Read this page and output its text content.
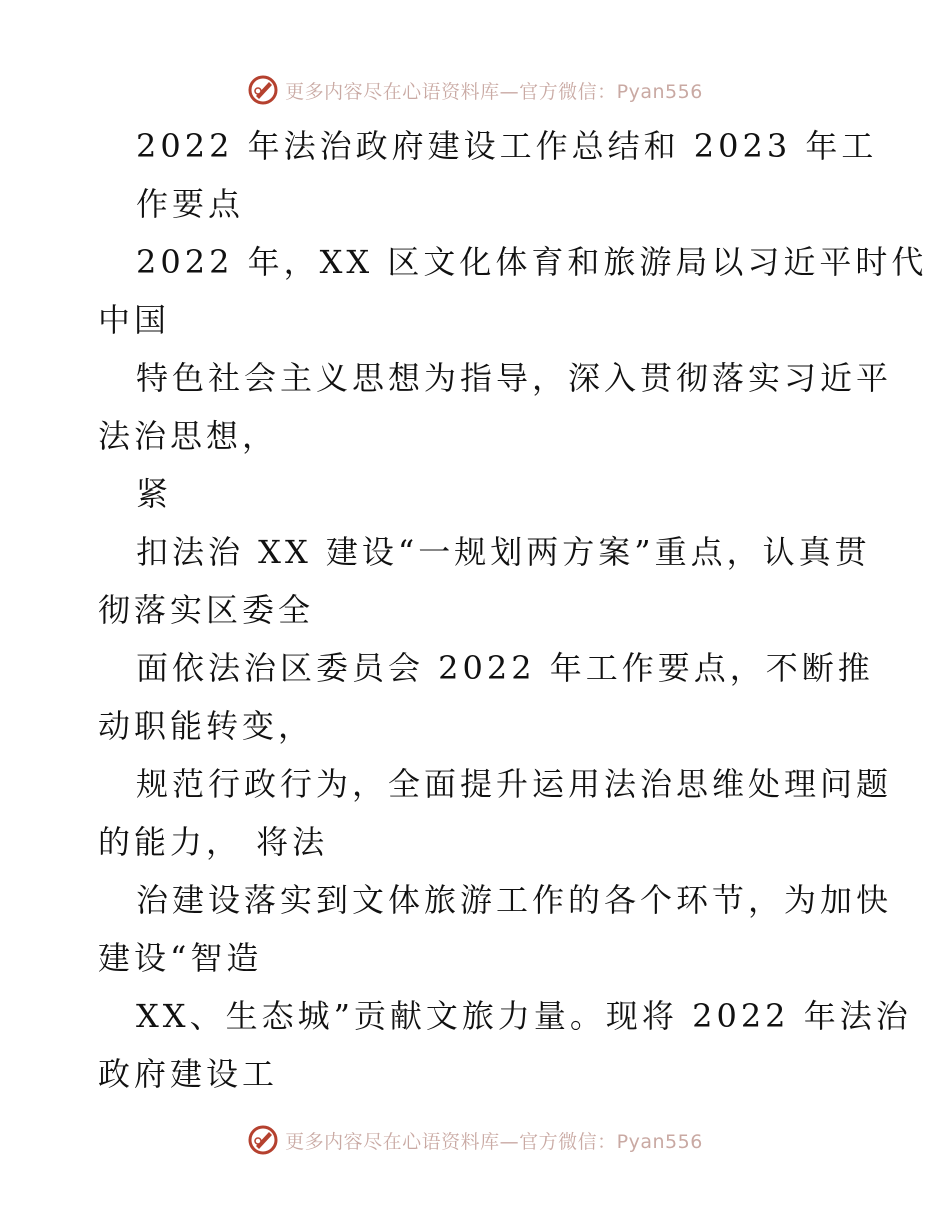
更多内容尽在心语资料库—官方微信：Pyan556
2022 年法治政府建设工作总结和 2023 年工
作要点
2022 年，XX 区文化体育和旅游局以习近平时代
中国
特色社会主义思想为指导，深入贯彻落实习近平
法治思想，
紧
扣法治 XX 建设“一规划两方案”重点，认真贯
彻落实区委全
面依法治区委员会 2022 年工作要点，不断推
动职能转变，
规范行政行为，全面提升运用法治思维处理问题
的能力， 将法
治建设落实到文体旅游工作的各个环节，为加快
建设“智造
XX、生态城”贡献文旅力量。现将 2022 年法治
政府建设工
更多内容尽在心语资料库—官方微信：Pyan556
